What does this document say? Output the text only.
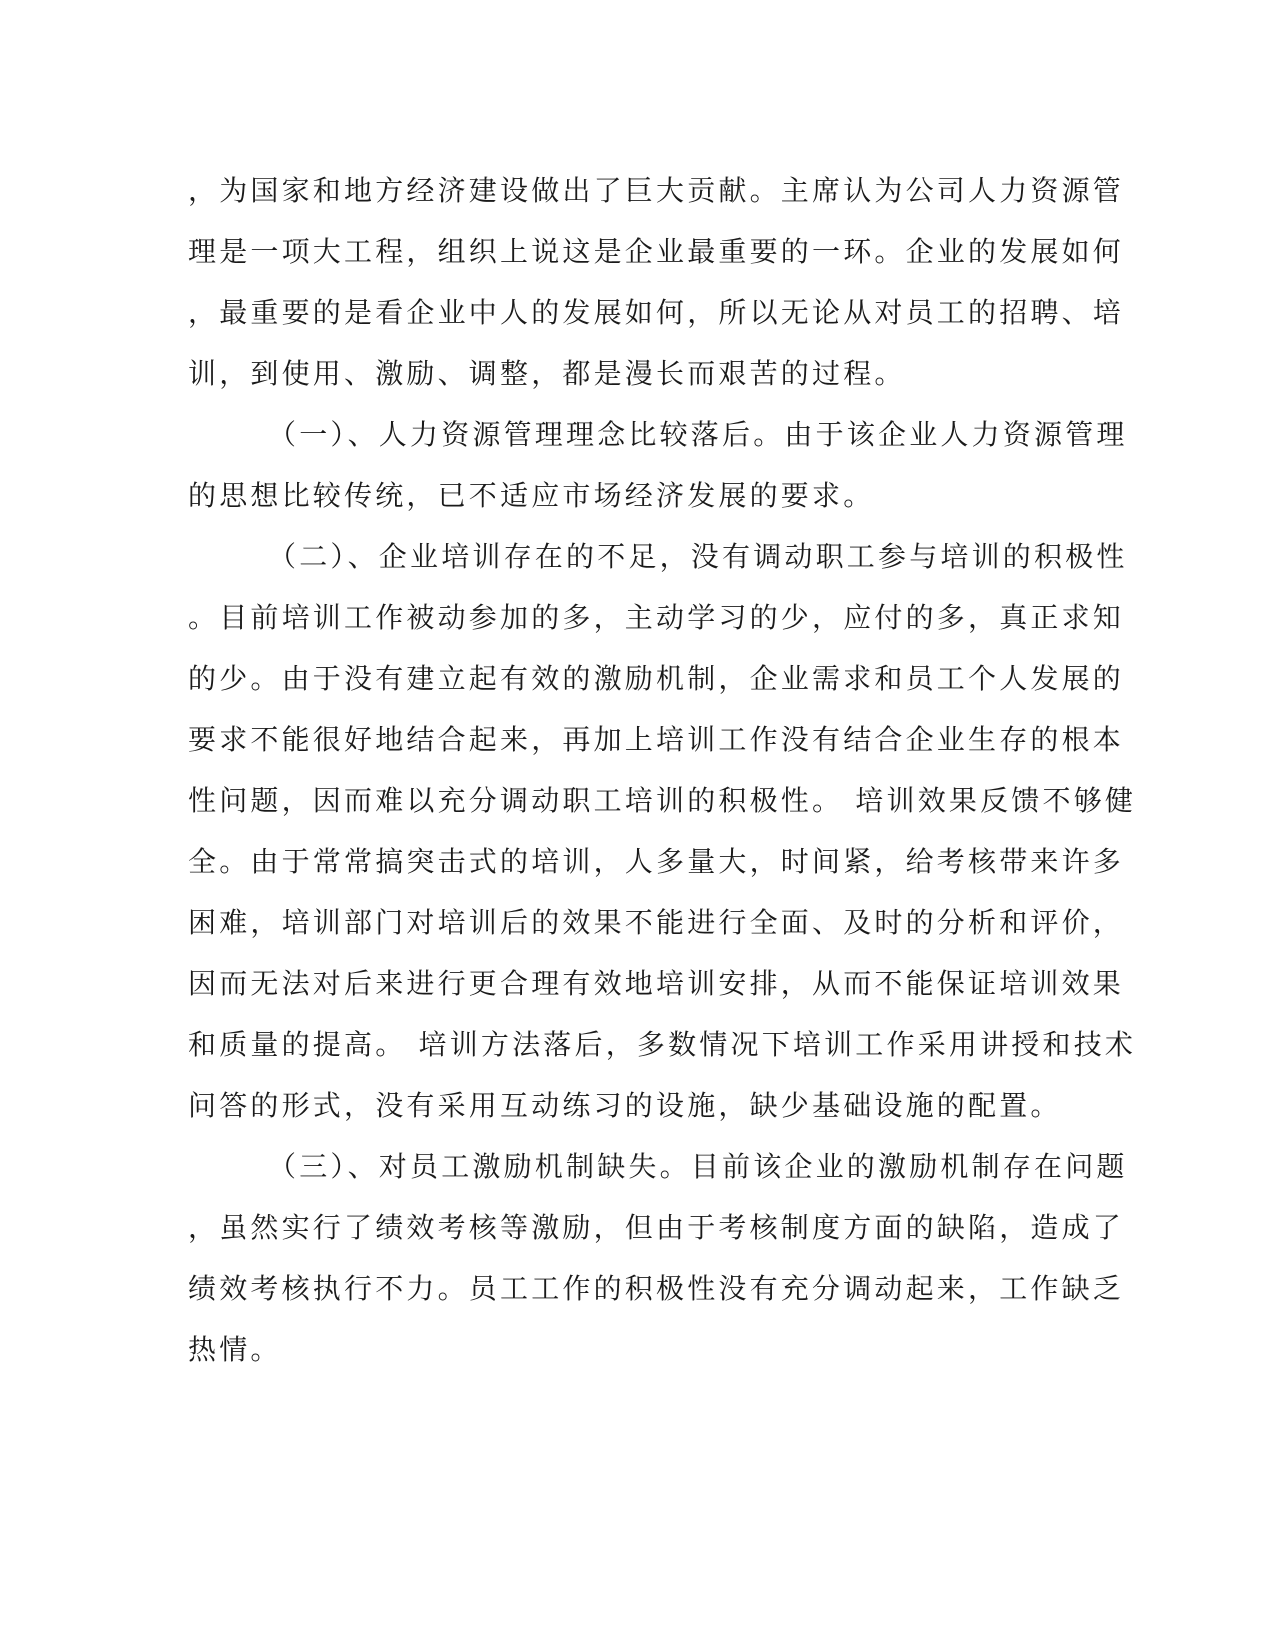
，为国家和地方经济建设做出了巨大贡献。主席认为公司人力资源管
理是一项大工程，组织上说这是企业最重要的一环。企业的发展如何
，最重要的是看企业中人的发展如何，所以无论从对员工的招聘、培
训，到使用、激励、调整，都是漫长而艰苦的过程。
（一）、人力资源管理理念比较落后。由于该企业人力资源管理
的思想比较传统，已不适应市场经济发展的要求。
（二）、企业培训存在的不足，没有调动职工参与培训的积极性
。目前培训工作被动参加的多，主动学习的少，应付的多，真正求知
的少。由于没有建立起有效的激励机制，企业需求和员工个人发展的
要求不能很好地结合起来，再加上培训工作没有结合企业生存的根本
性问题，因而难以充分调动职工培训的积极性。 培训效果反馈不够健
全。由于常常搞突击式的培训，人多量大，时间紧，给考核带来许多
困难，培训部门对培训后的效果不能进行全面、及时的分析和评价，
因而无法对后来进行更合理有效地培训安排，从而不能保证培训效果
和质量的提高。 培训方法落后，多数情况下培训工作采用讲授和技术
问答的形式，没有采用互动练习的设施，缺少基础设施的配置。
（三）、对员工激励机制缺失。目前该企业的激励机制存在问题
，虽然实行了绩效考核等激励，但由于考核制度方面的缺陷，造成了
绩效考核执行不力。员工工作的积极性没有充分调动起来，工作缺乏
热情。
